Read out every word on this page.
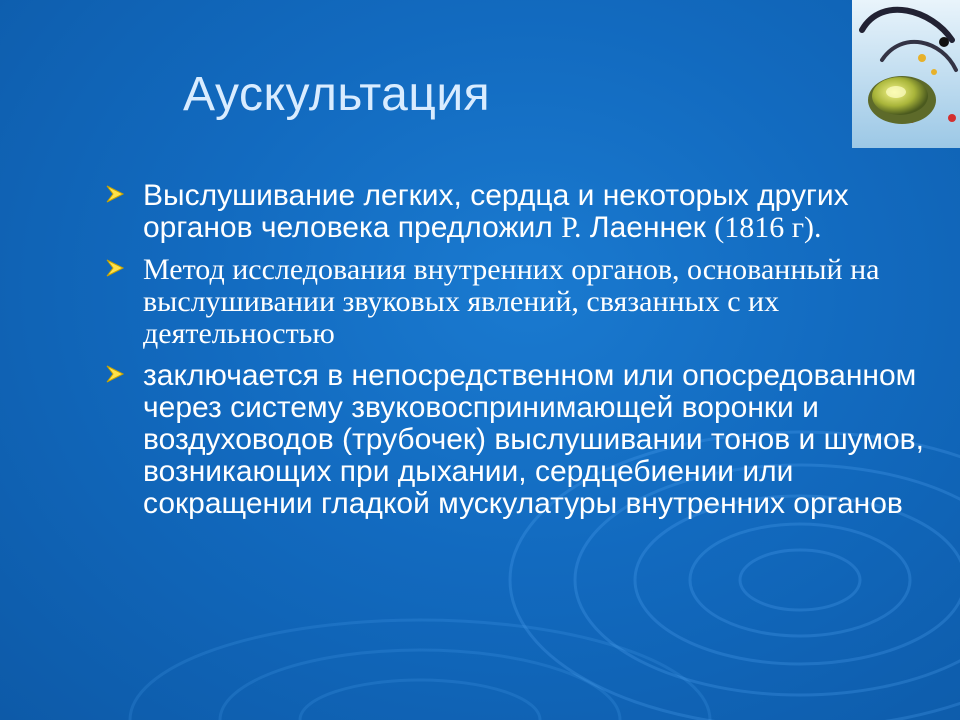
Аускультация
Выслушивание легких, сердца и некоторых других органов человека предложил Р. Лаеннек (1816 г).
Метод исследования внутренних органов, основанный на выслушивании звуковых явлений, связанных с их деятельностью
заключается в непосредственном или опосредованном через систему звуковоспринимающей воронки и воздуховодов (трубочек) выслушивании тонов и шумов, возникающих при дыхании, сердцебиении или сокращении гладкой мускулатуры внутренних органов
